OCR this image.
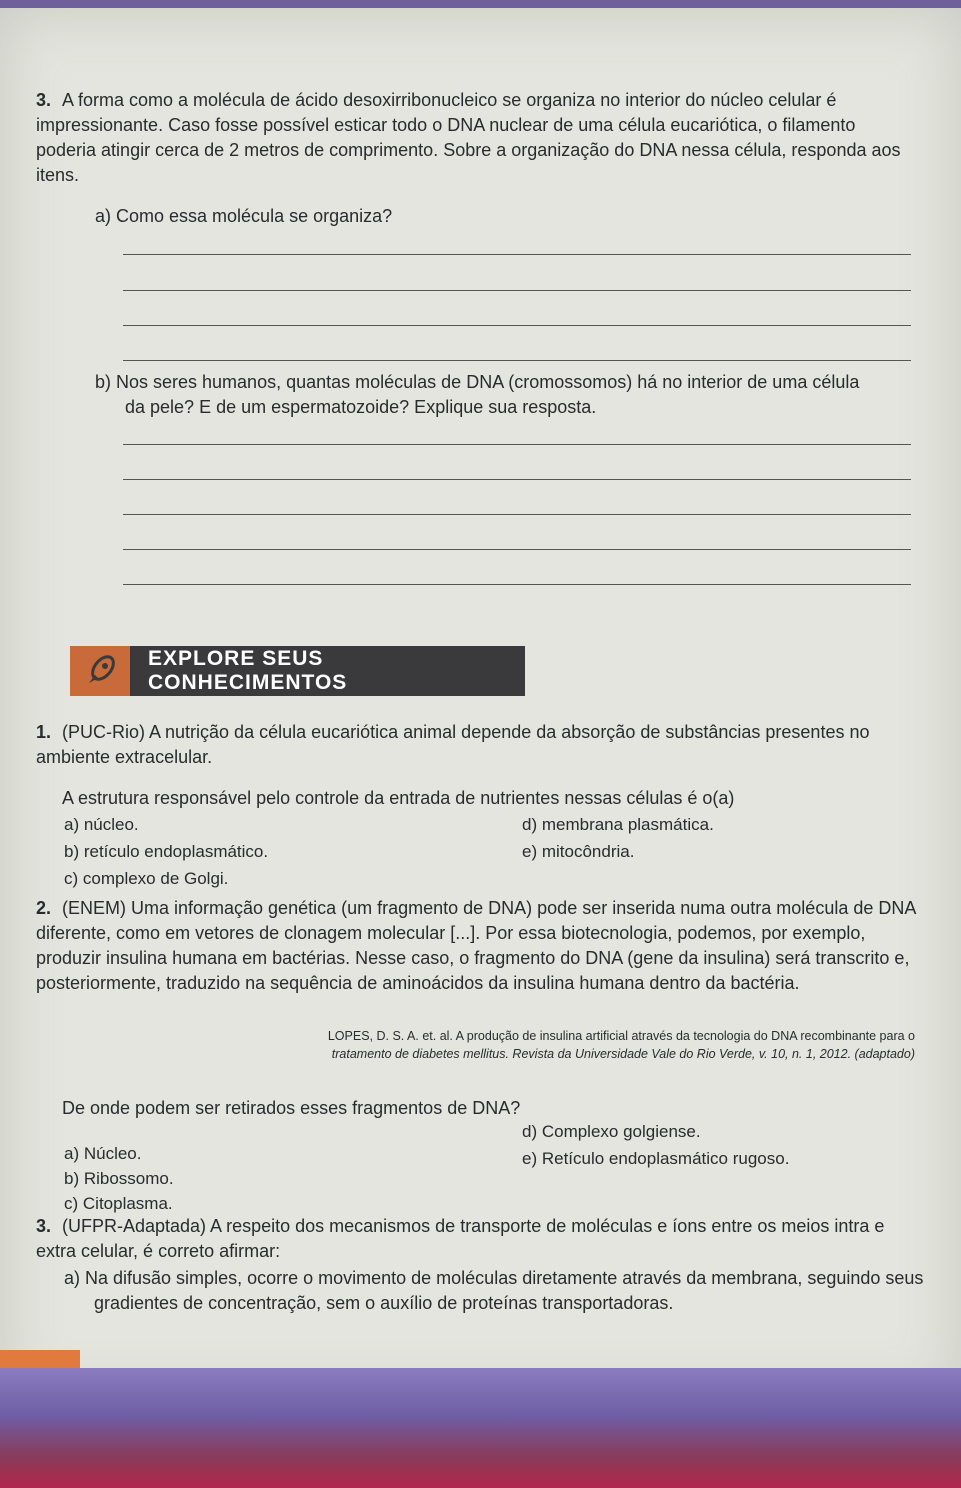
3. A forma como a molécula de ácido desoxirribonucleico se organiza no interior do núcleo celular é impressionante. Caso fosse possível esticar todo o DNA nuclear de uma célula eucariótica, o filamento poderia atingir cerca de 2 metros de comprimento. Sobre a organização do DNA nessa célula, responda aos itens.
a) Como essa molécula se organiza?
b) Nos seres humanos, quantas moléculas de DNA (cromossomos) há no interior de uma célula
da pele? E de um espermatozoide? Explique sua resposta.
EXPLORE SEUS CONHECIMENTOS
1. (PUC-Rio) A nutrição da célula eucariótica animal depende da absorção de substâncias presentes no ambiente extracelular.
A estrutura responsável pelo controle da entrada de nutrientes nessas células é o(a)
a) núcleo.
b) retículo endoplasmático.
c) complexo de Golgi.
d) membrana plasmática.
e) mitocôndria.
2. (ENEM) Uma informação genética (um fragmento de DNA) pode ser inserida numa outra molécula de DNA diferente, como em vetores de clonagem molecular [...]. Por essa biotecnologia, podemos, por exemplo, produzir insulina humana em bactérias. Nesse caso, o fragmento do DNA (gene da insulina) será transcrito e, posteriormente, traduzido na sequência de aminoácidos da insulina humana dentro da bactéria.
LOPES, D. S. A. et. al. A produção de insulina artificial através da tecnologia do DNA recombinante para o
tratamento de diabetes mellitus. Revista da Universidade Vale do Rio Verde, v. 10, n. 1, 2012. (adaptado)
De onde podem ser retirados esses fragmentos de DNA?
a) Núcleo.
b) Ribossomo.
c) Citoplasma.
d) Complexo golgiense.
e) Retículo endoplasmático rugoso.
3. (UFPR-Adaptada) A respeito dos mecanismos de transporte de moléculas e íons entre os meios intra e extra celular, é correto afirmar:
a) Na difusão simples, ocorre o movimento de moléculas diretamente através da membrana, seguindo seus gradientes de concentração, sem o auxílio de proteínas transportadoras.
